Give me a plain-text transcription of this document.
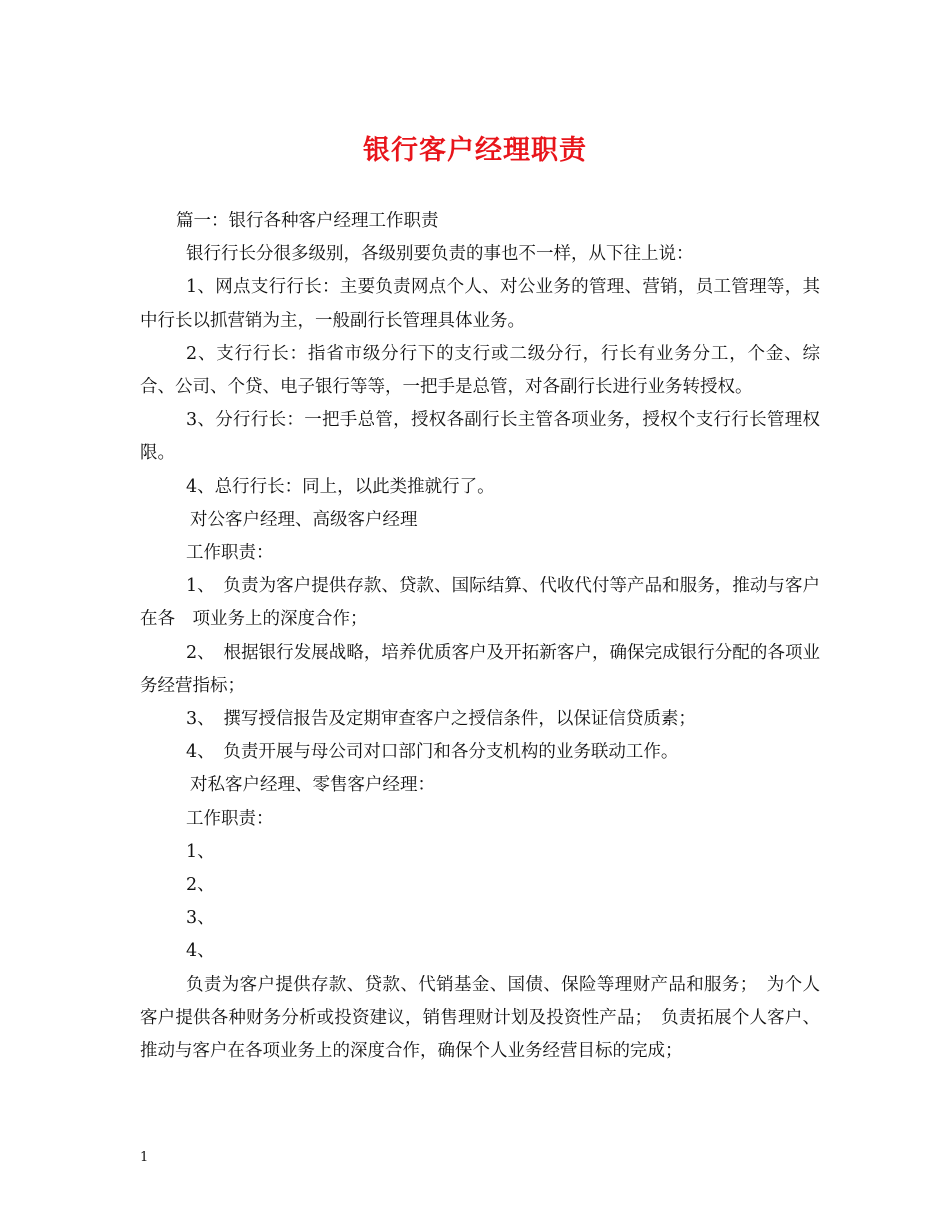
银行客户经理职责

篇一：银行各种客户经理工作职责

银行行长分很多级别，各级别要负责的事也不一样，从下往上说：

1、网点支行行长：主要负责网点个人、对公业务的管理、营销，员工管理等，其中行长以抓营销为主，一般副行长管理具体业务。

2、支行行长：指省市级分行下的支行或二级分行，行长有业务分工，个金、综合、公司、个贷、电子银行等等，一把手是总管，对各副行长进行业务转授权。

3、分行行长：一把手总管，授权各副行长主管各项业务，授权个支行行长管理权限。

4、总行行长：同上，以此类推就行了。

对公客户经理、高级客户经理

工作职责：

1、　负责为客户提供存款、贷款、国际结算、代收代付等产品和服务，推动与客户在各　项业务上的深度合作；

2、　根据银行发展战略，培养优质客户及开拓新客户，确保完成银行分配的各项业务经营指标；

3、　撰写授信报告及定期审查客户之授信条件，以保证信贷质素；

4、　负责开展与母公司对口部门和各分支机构的业务联动工作。

对私客户经理、零售客户经理：

工作职责：

1、

2、

3、

4、

负责为客户提供存款、贷款、代销基金、国债、保险等理财产品和服务；　为个人客户提供各种财务分析或投资建议，销售理财计划及投资性产品；　负责拓展个人客户、推动与客户在各项业务上的深度合作，确保个人业务经营目标的完成；

1
